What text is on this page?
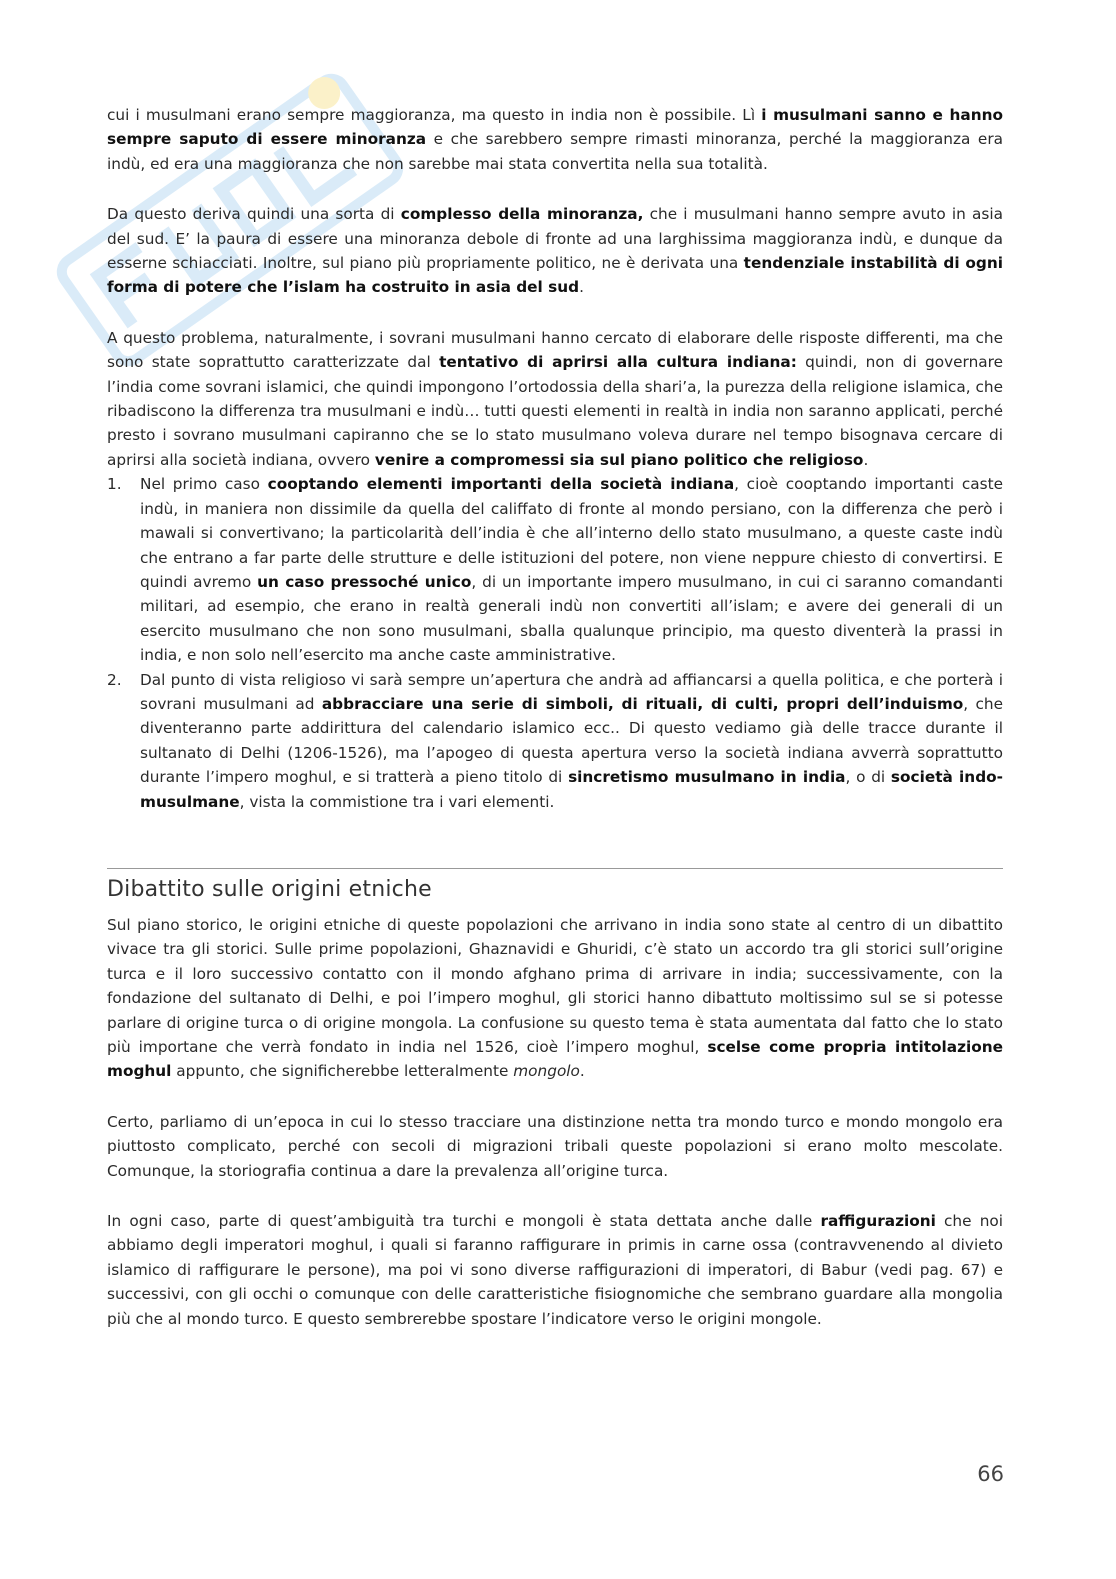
cui i musulmani erano sempre maggioranza, ma questo in india non è possibile. Lì i musulmani sanno e hanno sempre saputo di essere minoranza e che sarebbero sempre rimasti minoranza, perché la maggioranza era indù, ed era una maggioranza che non sarebbe mai stata convertita nella sua totalità.

Da questo deriva quindi una sorta di complesso della minoranza, che i musulmani hanno sempre avuto in asia del sud. E’ la paura di essere una minoranza debole di fronte ad una larghissima maggioranza indù, e dunque da esserne schiacciati. Inoltre, sul piano più propriamente politico, ne è derivata una tendenziale instabilità di ogni forma di potere che l’islam ha costruito in asia del sud.

A questo problema, naturalmente, i sovrani musulmani hanno cercato di elaborare delle risposte differenti, ma che sono state soprattutto caratterizzate dal tentativo di aprirsi alla cultura indiana: quindi, non di governare l’india come sovrani islamici, che quindi impongono l’ortodossia della shari’a, la purezza della religione islamica, che ribadiscono la differenza tra musulmani e indù… tutti questi elementi in realtà in india non saranno applicati, perché presto i sovrano musulmani capiranno che se lo stato musulmano voleva durare nel tempo bisognava cercare di aprirsi alla società indiana, ovvero venire a compromessi sia sul piano politico che religioso.

1. Nel primo caso cooptando elementi importanti della società indiana, cioè cooptando importanti caste indù, in maniera non dissimile da quella del califfato di fronte al mondo persiano, con la differenza che però i mawali si convertivano; la particolarità dell’india è che all’interno dello stato musulmano, a queste caste indù che entrano a far parte delle strutture e delle istituzioni del potere, non viene neppure chiesto di convertirsi. E quindi avremo un caso pressoché unico, di un importante impero musulmano, in cui ci saranno comandanti militari, ad esempio, che erano in realtà generali indù non convertiti all’islam; e avere dei generali di un esercito musulmano che non sono musulmani, sballa qualunque principio, ma questo diventerà la prassi in india, e non solo nell’esercito ma anche caste amministrative.
2. Dal punto di vista religioso vi sarà sempre un’apertura che andrà ad affiancarsi a quella politica, e che porterà i sovrani musulmani ad abbracciare una serie di simboli, di rituali, di culti, propri dell’induismo, che diventeranno parte addirittura del calendario islamico ecc.. Di questo vediamo già delle tracce durante il sultanato di Delhi (1206-1526), ma l’apogeo di questa apertura verso la società indiana avverrà soprattutto durante l’impero moghul, e si tratterà a pieno titolo di sincretismo musulmano in india, o di società indo-musulmane, vista la commistione tra i vari elementi.
Dibattito sulle origini etniche

Sul piano storico, le origini etniche di queste popolazioni che arrivano in india sono state al centro di un dibattito vivace tra gli storici. Sulle prime popolazioni, Ghaznavidi e Ghuridi, c’è stato un accordo tra gli storici sull’origine turca e il loro successivo contatto con il mondo afghano prima di arrivare in india; successivamente, con la fondazione del sultanato di Delhi, e poi l’impero moghul, gli storici hanno dibattuto moltissimo sul se si potesse parlare di origine turca o di origine mongola. La confusione su questo tema è stata aumentata dal fatto che lo stato più importane che verrà fondato in india nel 1526, cioè l’impero moghul, scelse come propria intitolazione moghul appunto, che significherebbe letteralmente mongolo.

Certo, parliamo di un’epoca in cui lo stesso tracciare una distinzione netta tra mondo turco e mondo mongolo era piuttosto complicato, perché con secoli di migrazioni tribali queste popolazioni si erano molto mescolate. Comunque, la storiografia continua a dare la prevalenza all’origine turca.

In ogni caso, parte di quest’ambiguità tra turchi e mongoli è stata dettata anche dalle raffigurazioni che noi abbiamo degli imperatori moghul, i quali si faranno raffigurare in primis in carne ossa (contravvenendo al divieto islamico di raffigurare le persone), ma poi vi sono diverse raffigurazioni di imperatori, di Babur (vedi pag. 67) e successivi, con gli occhi o comunque con delle caratteristiche fisiognomiche che sembrano guardare alla mongolia più che al mondo turco. E questo sembrerebbe spostare l’indicatore verso le origini mongole.

66
